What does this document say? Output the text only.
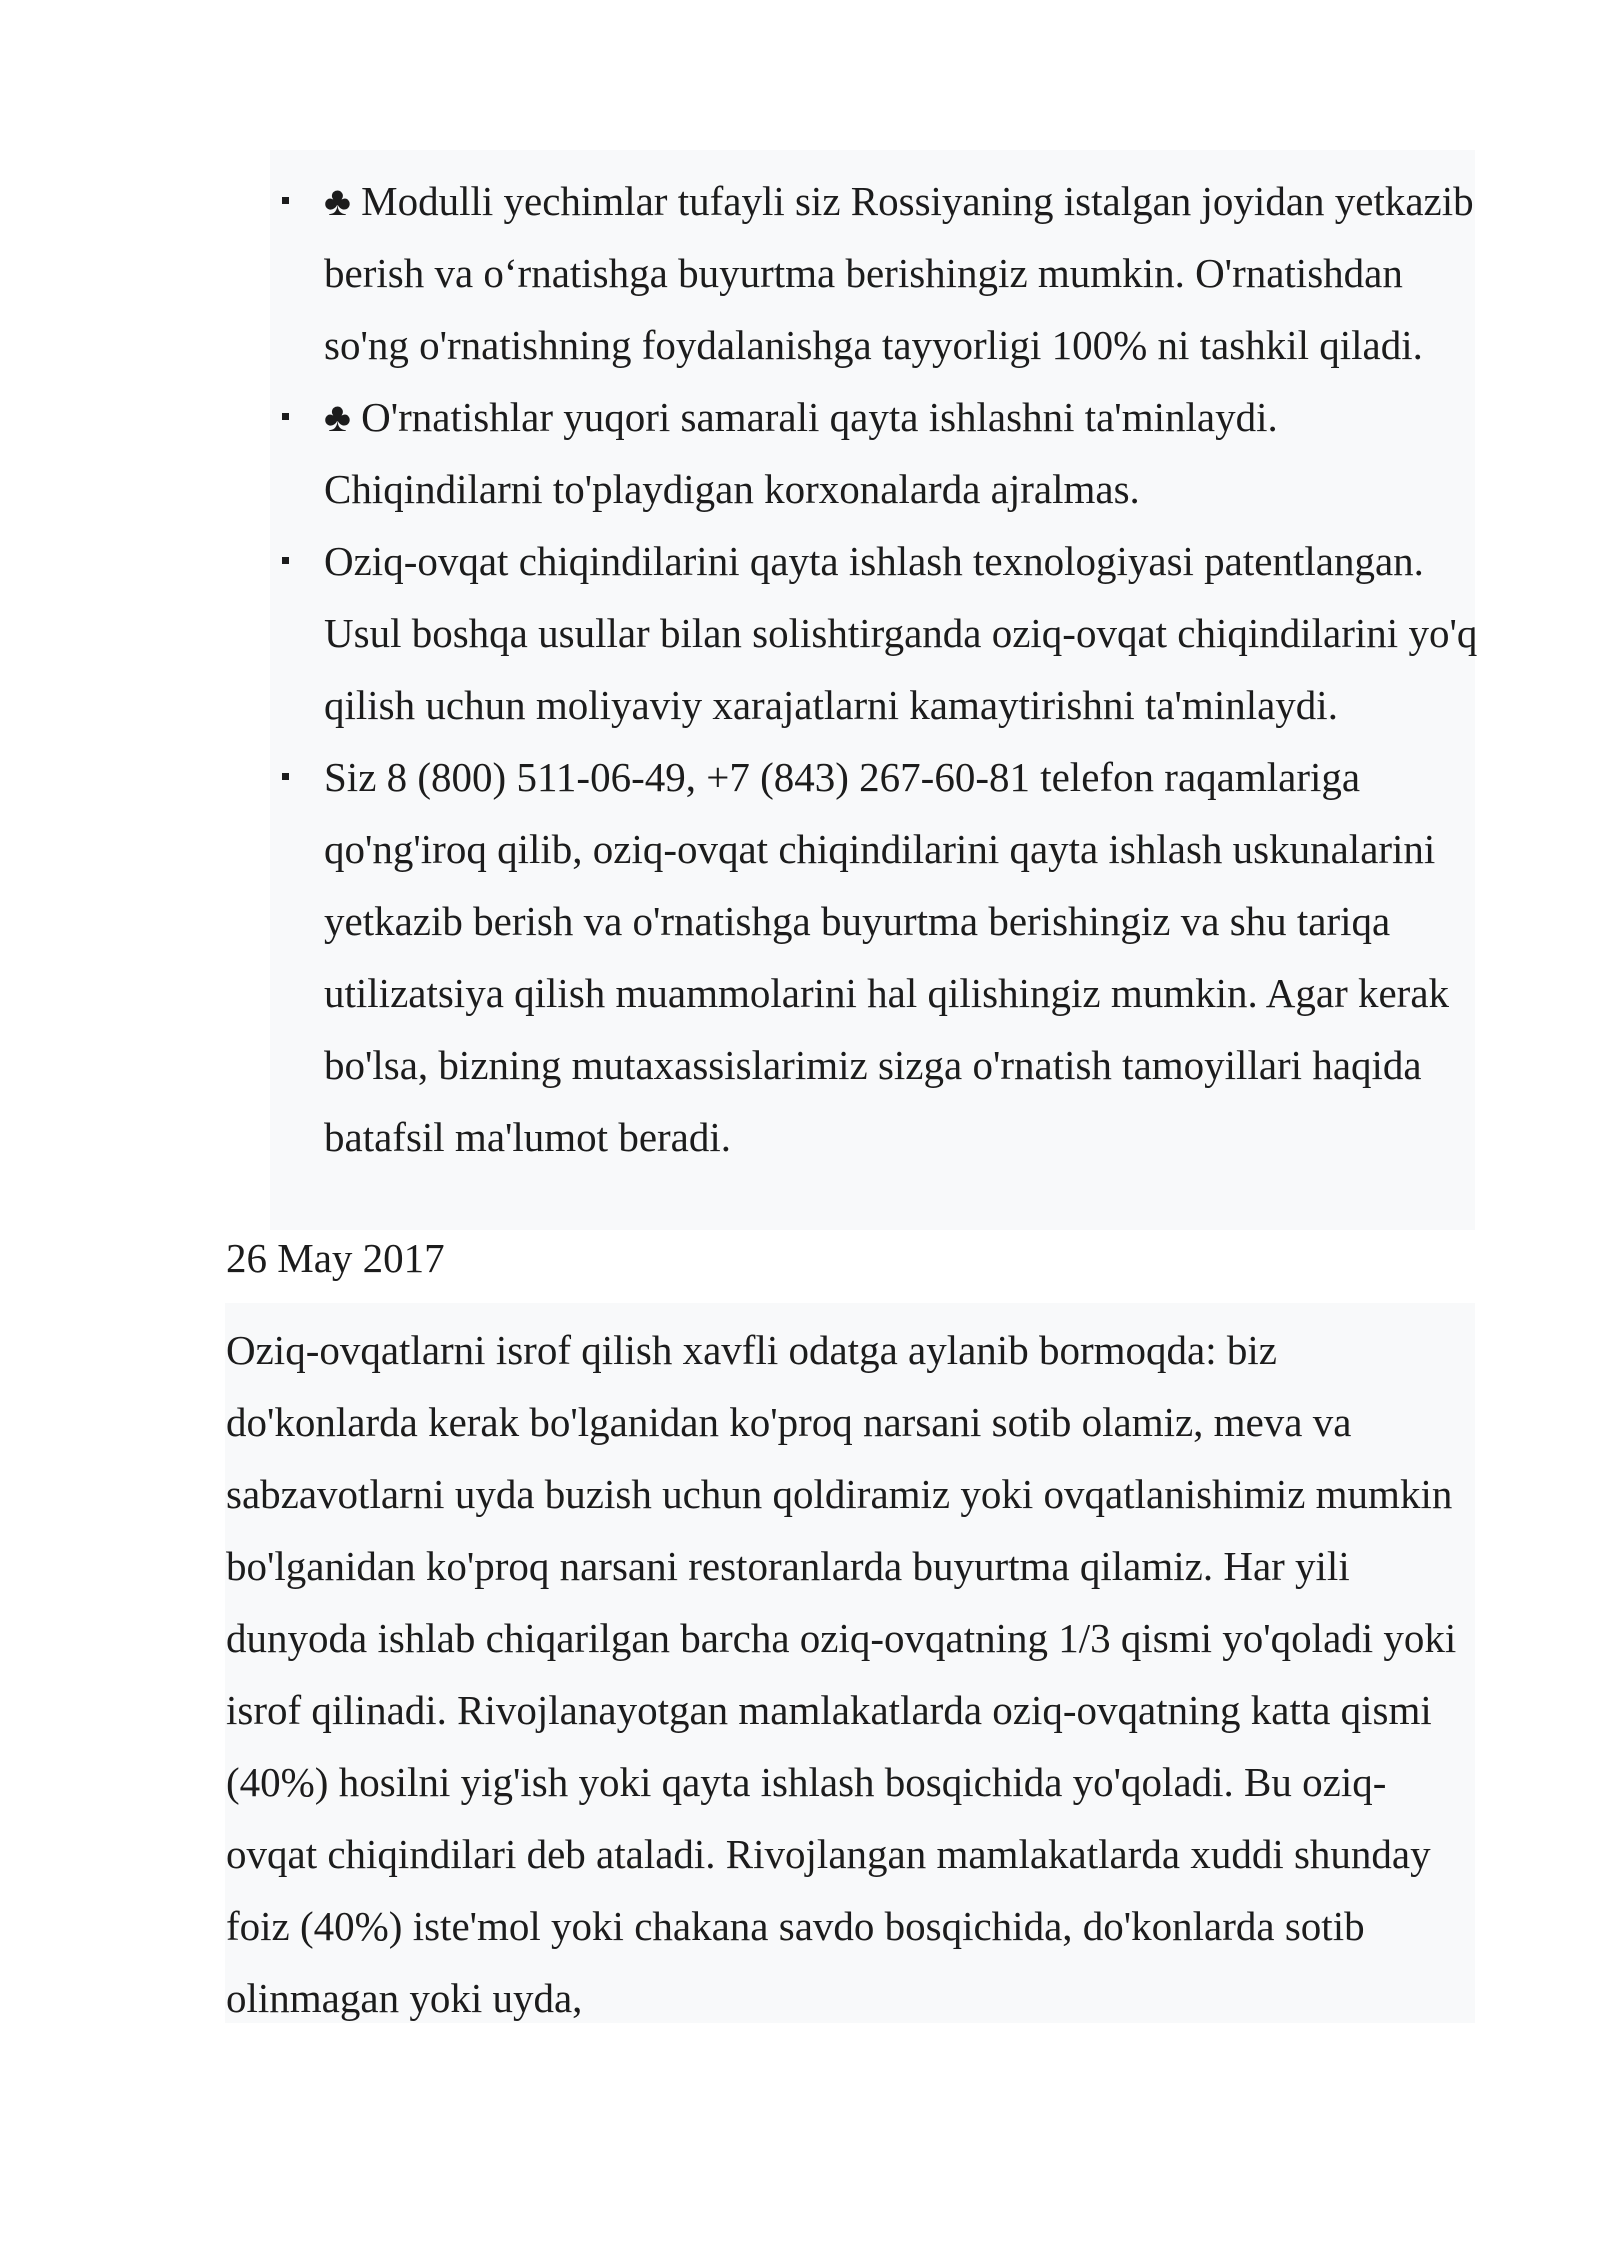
♣ Modulli yechimlar tufayli siz Rossiyaning istalgan joyidan yetkazib berish va o‘rnatishga buyurtma berishingiz mumkin. O'rnatishdan so'ng o'rnatishning foydalanishga tayyorligi 100% ni tashkil qiladi.
♣ O'rnatishlar yuqori samarali qayta ishlashni ta'minlaydi. Chiqindilarni to'playdigan korxonalarda ajralmas.
Oziq-ovqat chiqindilarini qayta ishlash texnologiyasi patentlangan. Usul boshqa usullar bilan solishtirganda oziq-ovqat chiqindilarini yo'q qilish uchun moliyaviy xarajatlarni kamaytirishni ta'minlaydi.
Siz 8 (800) 511-06-49, +7 (843) 267-60-81 telefon raqamlariga qo'ng'iroq qilib, oziq-ovqat chiqindilarini qayta ishlash uskunalarini yetkazib berish va o'rnatishga buyurtma berishingiz va shu tariqa utilizatsiya qilish muammolarini hal qilishingiz mumkin. Agar kerak bo'lsa, bizning mutaxassislarimiz sizga o'rnatish tamoyillari haqida batafsil ma'lumot beradi.

26 May 2017

Oziq-ovqatlarni isrof qilish xavfli odatga aylanib bormoqda: biz do'konlarda kerak bo'lganidan ko'proq narsani sotib olamiz, meva va sabzavotlarni uyda buzish uchun qoldiramiz yoki ovqatlanishimiz mumkin bo'lganidan ko'proq narsani restoranlarda buyurtma qilamiz. Har yili dunyoda ishlab chiqarilgan barcha oziq-ovqatning 1/3 qismi yo'qoladi yoki isrof qilinadi. Rivojlanayotgan mamlakatlarda oziq-ovqatning katta qismi (40%) hosilni yig'ish yoki qayta ishlash bosqichida yo'qoladi. Bu oziq-ovqat chiqindilari deb ataladi. Rivojlangan mamlakatlarda xuddi shunday foiz (40%) iste'mol yoki chakana savdo bosqichida, do'konlarda sotib olinmagan yoki uyda,
